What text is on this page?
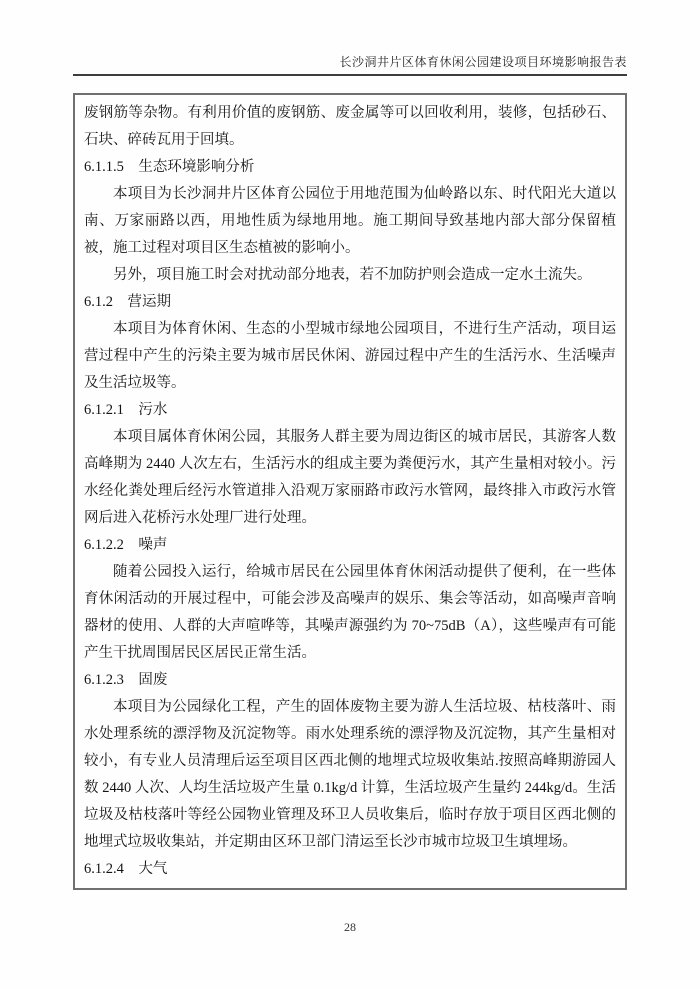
长沙洞井片区体育休闲公园建设项目环境影响报告表

废钢筋等杂物。有利用价值的废钢筋、废金属等可以回收利用，装修，包括砂石、石块、碎砖瓦用于回填。

6.1.1.5　生态环境影响分析

本项目为长沙洞井片区体育公园位于用地范围为仙岭路以东、时代阳光大道以南、万家丽路以西，用地性质为绿地用地。施工期间导致基地内部大部分保留植被，施工过程对项目区生态植被的影响小。

另外，项目施工时会对扰动部分地表，若不加防护则会造成一定水土流失。

6.1.2　营运期

本项目为体育休闲、生态的小型城市绿地公园项目，不进行生产活动，项目运营过程中产生的污染主要为城市居民休闲、游园过程中产生的生活污水、生活噪声及生活垃圾等。

6.1.2.1　污水

本项目属体育休闲公园，其服务人群主要为周边街区的城市居民，其游客人数高峰期为 2440 人次左右，生活污水的组成主要为粪便污水，其产生量相对较小。污水经化粪处理后经污水管道排入沿观万家丽路市政污水管网，最终排入市政污水管网后进入花桥污水处理厂进行处理。

6.1.2.2　噪声

随着公园投入运行，给城市居民在公园里体育休闲活动提供了便利，在一些体育休闲活动的开展过程中，可能会涉及高噪声的娱乐、集会等活动，如高噪声音响器材的使用、人群的大声喧哗等，其噪声源强约为 70~75dB（A），这些噪声有可能产生干扰周围居民区居民正常生活。

6.1.2.3　固废

本项目为公园绿化工程，产生的固体废物主要为游人生活垃圾、枯枝落叶、雨水处理系统的漂浮物及沉淀物等。雨水处理系统的漂浮物及沉淀物，其产生量相对较小，有专业人员清理后运至项目区西北侧的地埋式垃圾收集站.按照高峰期游园人数 2440 人次、人均生活垃圾产生量 0.1kg/d 计算，生活垃圾产生量约 244kg/d。生活垃圾及枯枝落叶等经公园物业管理及环卫人员收集后，临时存放于项目区西北侧的地埋式垃圾收集站，并定期由区环卫部门清运至长沙市城市垃圾卫生填埋场。

6.1.2.4　大气

28
